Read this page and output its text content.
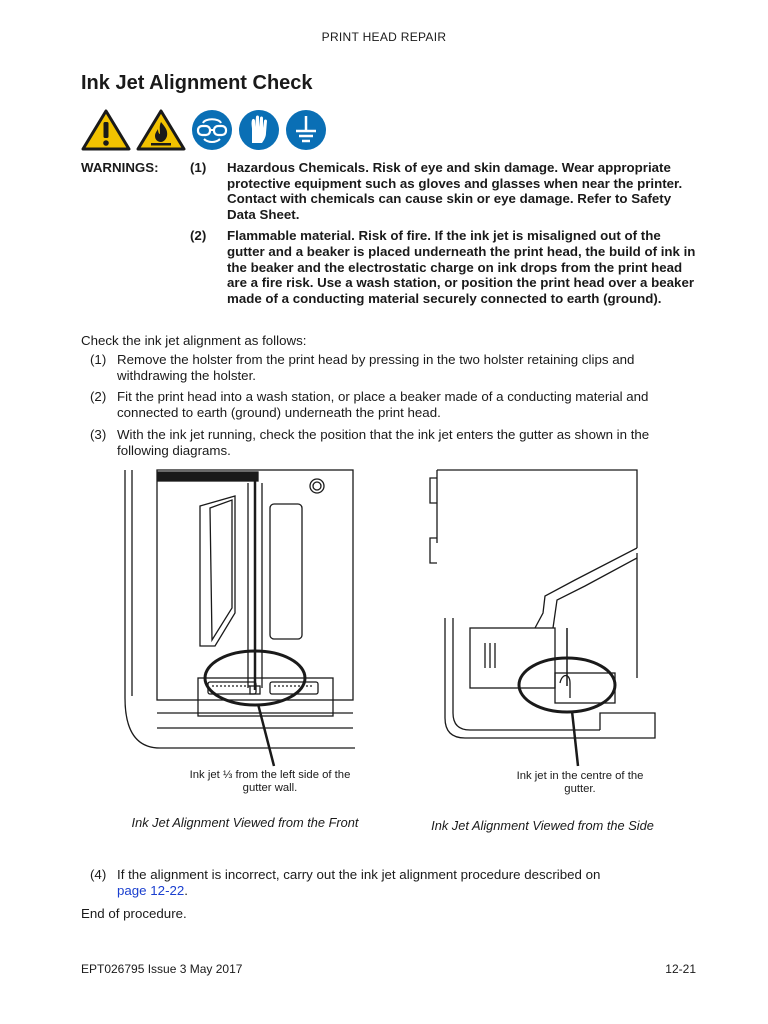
PRINT HEAD REPAIR
Ink Jet Alignment Check
WARNINGS: (1) Hazardous Chemicals. Risk of eye and skin damage. Wear appropriate protective equipment such as gloves and glasses when near the printer. Contact with chemicals can cause skin or eye damage. Refer to Safety Data Sheet.
(2) Flammable material. Risk of fire. If the ink jet is misaligned out of the gutter and a beaker is placed underneath the print head, the build of ink in the beaker and the electrostatic charge on ink drops from the print head are a fire risk. Use a wash station, or position the print head over a beaker made of a conducting material securely connected to earth (ground).
Check the ink jet alignment as follows:
(1) Remove the holster from the print head by pressing in the two holster retaining clips and withdrawing the holster.
(2) Fit the print head into a wash station, or place a beaker made of a conducting material and connected to earth (ground) underneath the print head.
(3) With the ink jet running, check the position that the ink jet enters the gutter as shown in the following diagrams.
Ink jet ⅓ from the left side of the gutter wall.
Ink Jet Alignment Viewed from the Front
Ink jet in the centre of the gutter.
Ink Jet Alignment Viewed from the Side
(4) If the alignment is incorrect, carry out the ink jet alignment procedure described on
page 12-22.
End of procedure.
EPT026795 Issue 3 May 2017	12-21
